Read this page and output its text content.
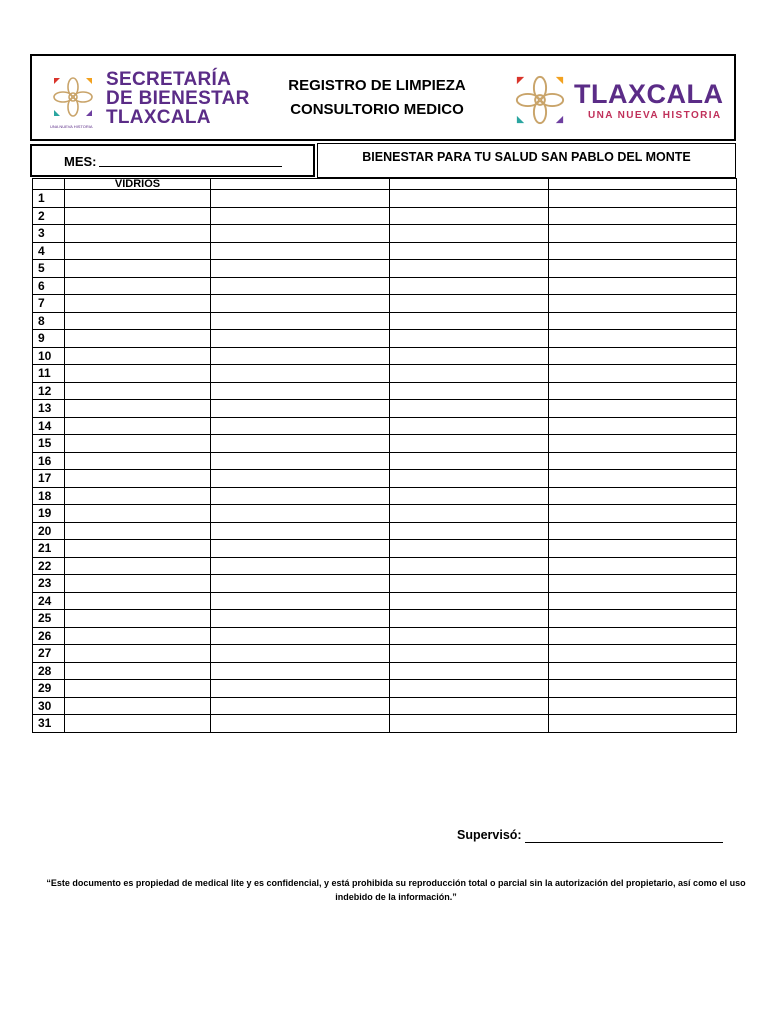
SECRETARÍA
DE BIENESTAR
TLAXCALA
UNA NUEVA HISTORIA
REGISTRO DE LIMPIEZA
CONSULTORIO MEDICO
TLAXCALA
UNA NUEVA HISTORIA
MES:	BIENESTAR PARA TU SALUD SAN PABLO DEL MONTE
	VIDRIOS			
1				
2				
3				
4				
5				
6				
7				
8				
9				
10				
11				
12				
13				
14				
15				
16				
17				
18				
19				
20				
21				
22				
23				
24				
25				
26				
27				
28				
29				
30				
31				
Supervisó:
“Este documento es propiedad de medical lite y es confidencial, y está prohibida su reproducción total o parcial sin la autorización del propietario, así como el uso indebido de la información.”
